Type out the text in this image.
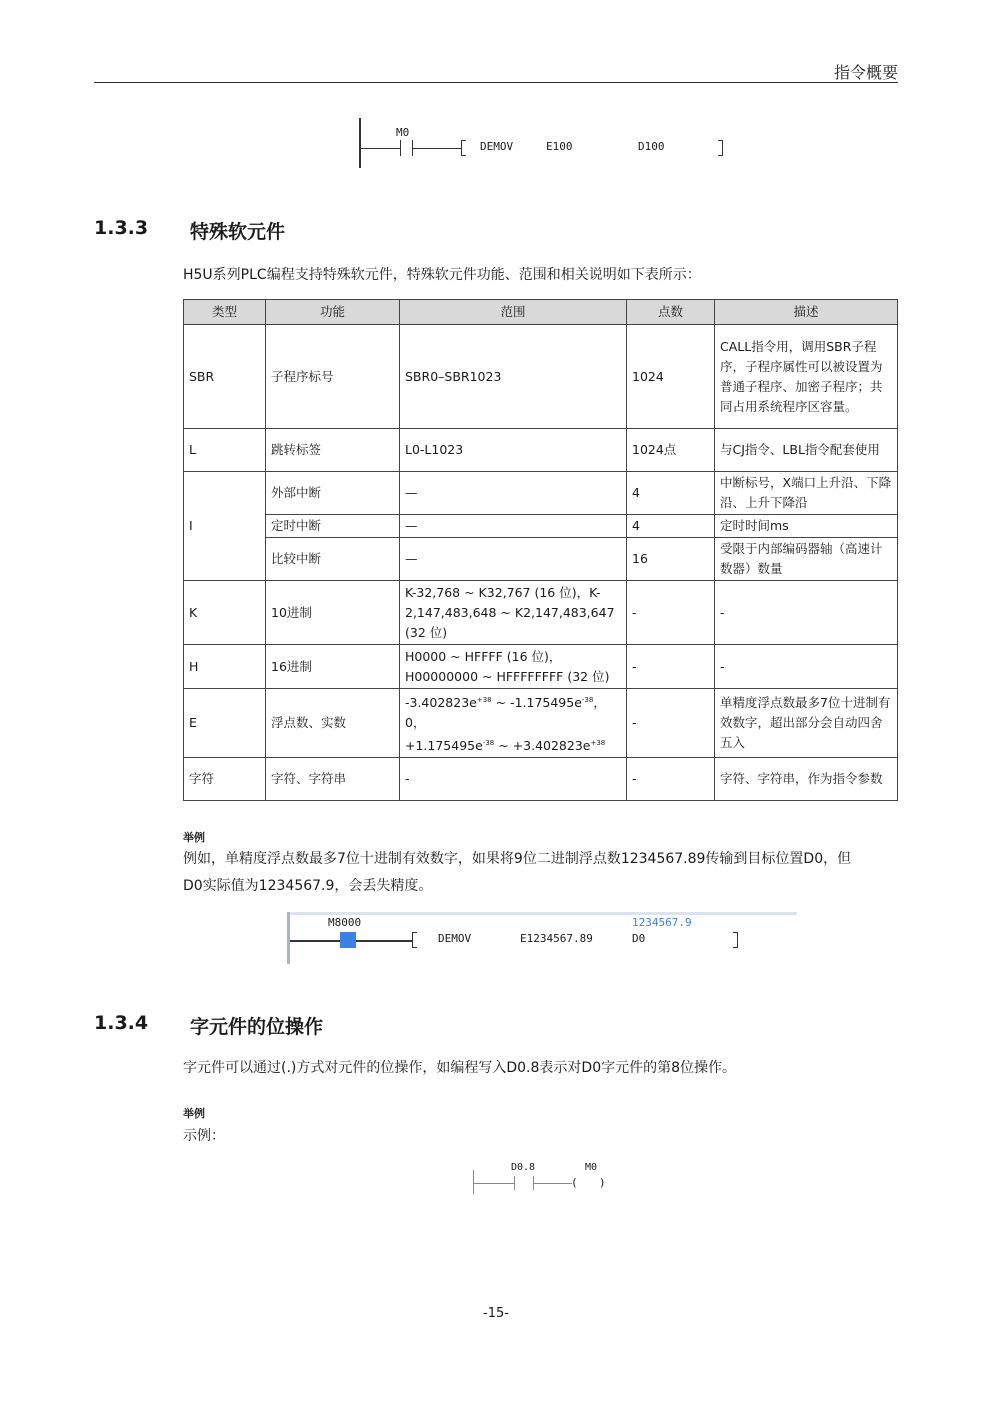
指令概要
M0
DEMOV	E100	D100
1.3.3 特殊软元件
H5U系列PLC编程支持特殊软元件，特殊软元件功能、范围和相关说明如下表所示：
类型	功能	范围	点数	描述
SBR	子程序标号	SBR0–SBR1023	1024	CALL指令用，调用SBR子程序，子程序属性可以被设置为普通子程序、加密子程序；共同占用系统程序区容量。
L	跳转标签	L0-L1023	1024点	与CJ指令、LBL指令配套使用
I	外部中断	—	4	中断标号，X端口上升沿、下降沿、上升下降沿
	定时中断	—	4	定时时间ms
	比较中断	—	16	受限于内部编码器轴（高速计数器）数量
K	10进制	K-32,768 ~ K32,767 (16 位)，K-2,147,483,648 ~ K2,147,483,647 (32 位)	-	-
H	16进制	H0000 ~ HFFFF (16 位)，
H00000000 ~ HFFFFFFFF (32 位)	-	-
E	浮点数、实数	$-3.402823e^{+38}$ ~ $-1.175495e^{-38}$，0，
$+1.175495e^{-38}$ ~ $+3.402823e^{+38}$	-	单精度浮点数最多7位十进制有效数字，超出部分会自动四舍五入
字符	字符、字符串	-	-	字符、字符串，作为指令参数
举例
例如，单精度浮点数最多7位十进制有效数字，如果将9位二进制浮点数1234567.89传输到目标位置D0，但
D0实际值为1234567.9，会丢失精度。
M8000
DEMOV	E1234567.89
1234567.9
D0
1.3.4 字元件的位操作
字元件可以通过(.)方式对元件的位操作，如编程写入D0.8表示对D0字元件的第8位操作。
举例
示例：
D0.8	M0
( )
-15-
